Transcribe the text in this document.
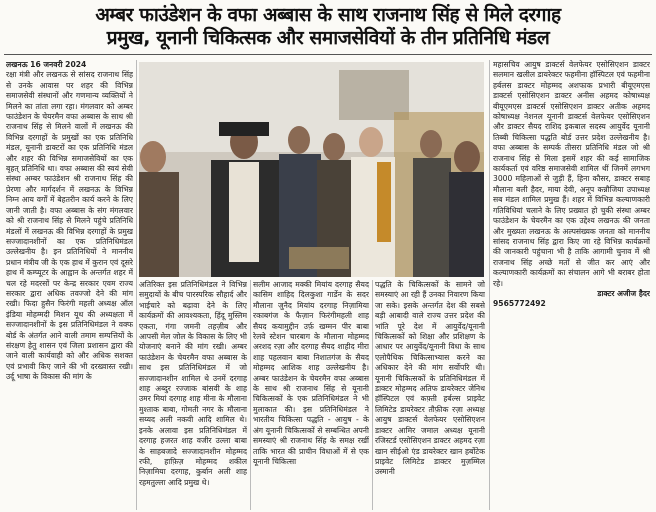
अम्बर फाउंडेशन के वफा अब्बास के साथ राजनाथ सिंह से मिले दरगाह
प्रमुख, यूनानी चिकित्सक और समाजसेवियों के तीन प्रतिनिधि मंडल

लखनऊ 16 जनवरी 2024

रक्षा मंत्री और लखनऊ से सांसद राजनाथ सिंह से उनके आवास पर शहर की विभिन्न समाजसेवी संस्थानों और गणमान्य व्यक्तियों ने मिलने का तांता लगा रहा। मंगलवार को अम्बर फाउंडेशन के चेयरमैन वफा अब्बास के साथ श्री राजनाथ सिंह से मिलने वालों में लखनऊ की विभिन्न दरगाहों के प्रमुखों का एक प्रतिनिधि मंडल, यूनानी डाक्टरों का एक प्रतिनिधि मंडल और शहर की विभिन्न समाजसेवियों का एक बृहत् प्रतिनिधि था। वफा अब्बास की स्वयं सेवी संस्था अम्बर फाउंडेशन श्री राजनाथ सिंह की प्रेरणा और मार्गदर्शन में लखनऊ के विभिन्न निम्न आय वर्गों में बेहतरीन कार्य करने के लिए जानी जाती है। वफा अब्बास के संग मंगलवार को श्री राजनाथ सिंह से मिलने पहुंचे प्रतिनिधि मंडलों में लखनऊ की विभिन्न दरगाहों के प्रमुख सज्जादानशीनों का एक प्रतिनिधिमंडल उल्लेखनीय है। इन प्रतिनिधियों ने माननीय प्रधान मंत्रीय जी के एक हाथ में कुरान एवं दूसरे हाथ में कम्प्यूटर के आह्वान के अन्तर्गत शहर में चल रहे मदरसों पर केन्द्र सरकार एवम राज्य सरकार द्वारा अधिक तवज्जो देने की मांग रखी। फिदा हुसैन फिरंगी महली अध्यक्ष ऑल इंडिया मोहम्मदी मिशन यूथ की अध्यक्षता में सज्जादानशीनों के इस प्रतिनिधिमंडल ने वक्फ बोर्ड के अंतर्गत आने वाली तमाम सम्पत्तियों के संरक्षण हेतु शासन एवं जिला प्रशासन द्वारा की जाने वाली कार्यवाही को और अधिक सशक्त एवं प्रभावी किए जाने की भी दरख्वास्त रखी। उर्दू भाषा के विकास की मांग के

अतिरिक्त इस प्रतिनिधिमंडल ने विभिन्न समुदायों के बीच पारस्परिक सौहार्द और भाईचारे को बढ़ावा देने के लिए कार्यक्रमों की आवश्यकता, हिंदू मुस्लिम एकता, गंगा जमनी तहज़ीब और आपसी मेल जोल के विकास के लिए भी योजनाएं बनाने की मांग रखी। अम्बर फाउंडेशन के चेयरमैन वफा अब्बास के साथ इस प्रतिनिधिमंडल में जो सज्जादानशीन शामिल थे उनमें दरगाह शाह अब्दुर रज्जाक बांसवी के शाह उमर मियां दरगाह शाह मीना के मौलाना मुश्ताक बाबा, गोमती नगर के मौलाना सय्यद अली नकवी आदि शामिल थे। इनके अलावा इस प्रतिनिधिमंडल में दरगाह हजरत शाह वजीर उल्ला बाबा के साहबजादे सज्जादानशीन मोहम्मद रफी, हाफ़िज़ मोहम्मद शकील निज़ामिया दरगाह, कुर्बान अली शाह रहमतुल्ला आदि प्रमुख थे।
सलीम आजाद मक्की मियांय दरगाह सैयद कासिम शाहिद दिलकुशा गार्डेन के सदर मौलाना जुनैद मियांय दरगाह निज़ामिया रकाबगंज के फैज़ान फिरंगीमहली शाह सैयद कयामुद्दीन उर्फ़ खम्मन पीर बाबा रेलवे स्टेशन चारबाग के मौलाना मोहम्मद अरशद रज़ा और दरगाह सैयद शाहीद मीरा शाह पहलवान बाबा निशातगंज के सैयद मोहम्मद आशिक शाह उल्लेखनीय है। अम्बर फाउंडेशन के चेयरमैन वफा अब्बास के साथ श्री राजनाथ सिंह से यूनानी चिकित्सकों के एक प्रतिनिधिमंडल ने भी मुलाकात की। इस प्रतिनिधिमंडल ने भारतीय चिकित्सा पद्धति - आयुष - के अंग यूनानी चिकित्सकों से सम्बन्धित अपनी समस्याएं श्री राजनाथ सिंह के समक्ष रखीं ताकि भारत की प्राचीन विधाओं में से एक यूनानी चिकित्सा
पद्धति के चिकित्सकों के सामने जो समस्याएं आ रही हैं उनका निवारण किया जा सके। इसके अन्तर्गत देश की सबसे बड़ी आबादी वाले राज्य उत्तर प्रदेश की भांति पूरे देश में आयुर्वेद/यूनानी चिकित्सकों को शिक्षा और प्रशिक्षण के आधार पर आयुर्वेद/यूनानी विधा के साथ एलोपैथिक चिकित्साभ्यास करने का अधिकार देने की मांग सर्वोपरि थी। यूनानी चिकित्सकों के प्रतिनिधिमंडल में डाक्टर मोहम्मद अतिफ डायरेक्टर जेनिथ हॉस्पिटल एवं कफ़्ती हर्बल्स प्राइवेट लिमिटेड डायरेक्टर तौफ़ीक रज़ा अध्यक्ष आयुष डाक्टर्स वेलफेयर एसोसिएशन डाक्टर आमिर जमाल अध्यक्ष यूनानी रजिस्टर्ड एसोसिएशन डाक्टर अहमद रज़ा खान सीईओ एंड डायरेक्टर खान हर्बोटेक प्राइवेट लिमिटेड डाक्टर मुज़म्मिल उस्मानी

महासचिव आयुष डाक्टर्स वेलफेयर एसोसिएशन डाक्टर सलमान खलील डायरेक्टर फहमीना हॉस्पिटल एवं फहमीना हर्बलस डाक्टर मोहम्मद अशफाक प्रभारी बीयूएमएस डाक्टर्स एसोसिएशन डाक्टर अनीस अहमद कोषाध्यक्ष बीयूएमएस डाक्टर्स एसोसिएशन डाक्टर अतीक अहमद कोषाध्यक्ष नेशनल यूनानी डाक्टर्स वेलफेयर एसोसिएशन और डाक्टर सैयद राशिद इकबाल सदस्य आयुर्वेद यूनानी तिब्बी चिकित्सा पद्धति बोर्ड उत्तर प्रदेश उल्लेखनीय है। वफा अब्बास के सम्पर्क तीसरा प्रतिनिधि मंडल जो श्री राजनाथ सिंह से मिला इसमें शहर की कई सामाजिक कार्यकर्ता एवं वरिष्ठ समाजसेवी शामिल थीं जिनमें लगभग 3000 महिलाओं से जुड़ी हैं, हिना कौसर, डाक्टर सबाह मौलाना बली हैदर, माया देवी, अनूप कन्नौजिया उपाध्यक्ष सब मंडल शामिल प्रमुख हैं। शहर में विभिन्न कल्याणकारी गतिविधियां चलाने के लिए प्रख्यात हो चुकी संस्था अम्बर फाउंडेशन के चेयरमैन का एक उद्देश्य लखनऊ की जनता और मुख्यतः लखनऊ के अल्पसंख्यक जनता को माननीय सांसद राजनाथ सिंह द्वारा किए जा रहे विभिन्न कार्यक्रमों की जानकारी पहुंचाना भी है ताकि आगामी चुनाव में श्री राजनाथ सिंह अच्छे मतों से जीत कर आएं और कल्याणकारी कार्यक्रमों का संचालन आगे भी बराबर होता रहे।

डाक्टर अजीज हैदर

9565772492
